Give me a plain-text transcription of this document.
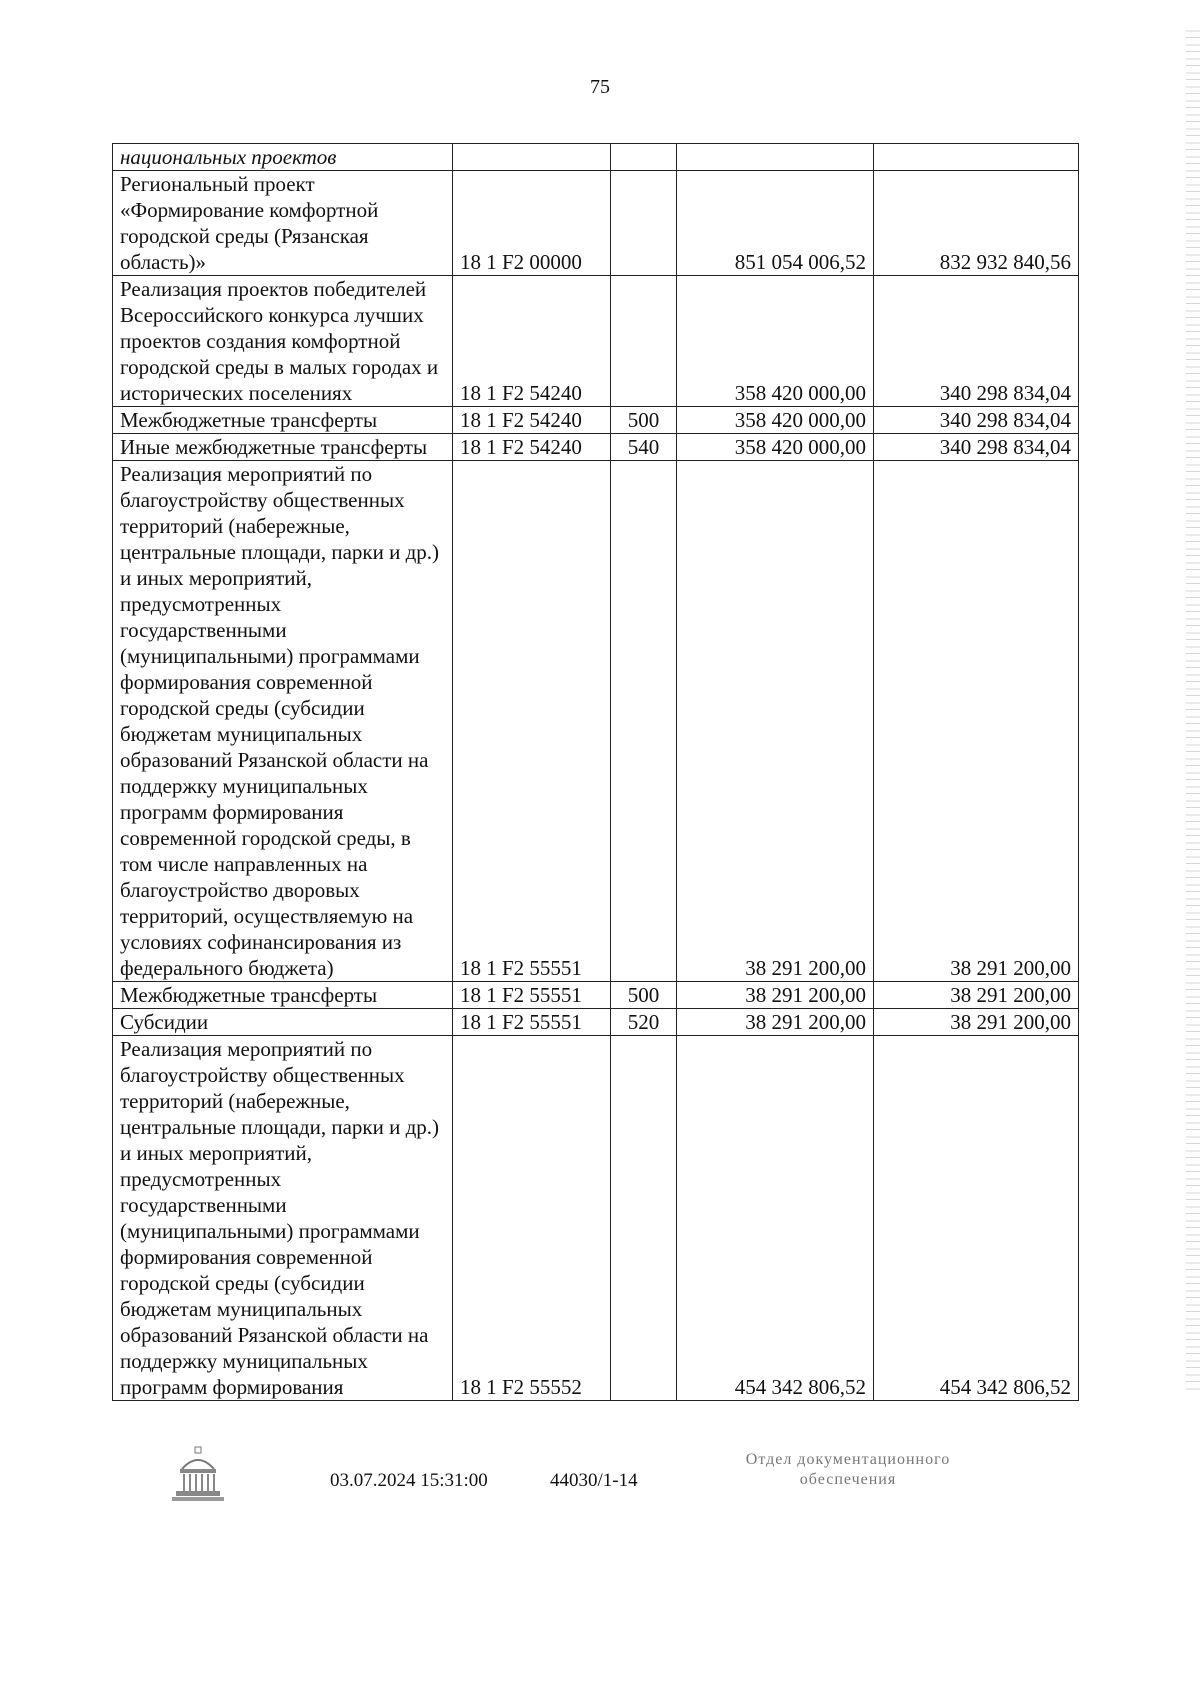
75
национальных проектов				
Региональный проект «Формирование комфортной городской среды (Рязанская область)»	18 1 F2 00000		851 054 006,52	832 932 840,56
Реализация проектов победителей Всероссийского конкурса лучших проектов создания комфортной городской среды в малых городах и исторических поселениях	18 1 F2 54240		358 420 000,00	340 298 834,04
Межбюджетные трансферты	18 1 F2 54240	500	358 420 000,00	340 298 834,04
Иные межбюджетные трансферты	18 1 F2 54240	540	358 420 000,00	340 298 834,04
Реализация мероприятий по благоустройству общественных территорий (набережные, центральные площади, парки и др.) и иных мероприятий, предусмотренных государственными (муниципальными) программами формирования современной городской среды (субсидии бюджетам муниципальных образований Рязанской области на поддержку муниципальных программ формирования современной городской среды, в том числе направленных на благоустройство дворовых территорий, осуществляемую на условиях софинансирования из федерального бюджета)	18 1 F2 55551		38 291 200,00	38 291 200,00
Межбюджетные трансферты	18 1 F2 55551	500	38 291 200,00	38 291 200,00
Субсидии	18 1 F2 55551	520	38 291 200,00	38 291 200,00
Реализация мероприятий по благоустройству общественных территорий (набережные, центральные площади, парки и др.) и иных мероприятий, предусмотренных государственными (муниципальными) программами формирования современной городской среды (субсидии бюджетам муниципальных образований Рязанской области на поддержку муниципальных программ формирования	18 1 F2 55552		454 342 806,52	454 342 806,52
03.07.2024 15:31:00	44030/1-14
Отдел документационного
обеспечения
